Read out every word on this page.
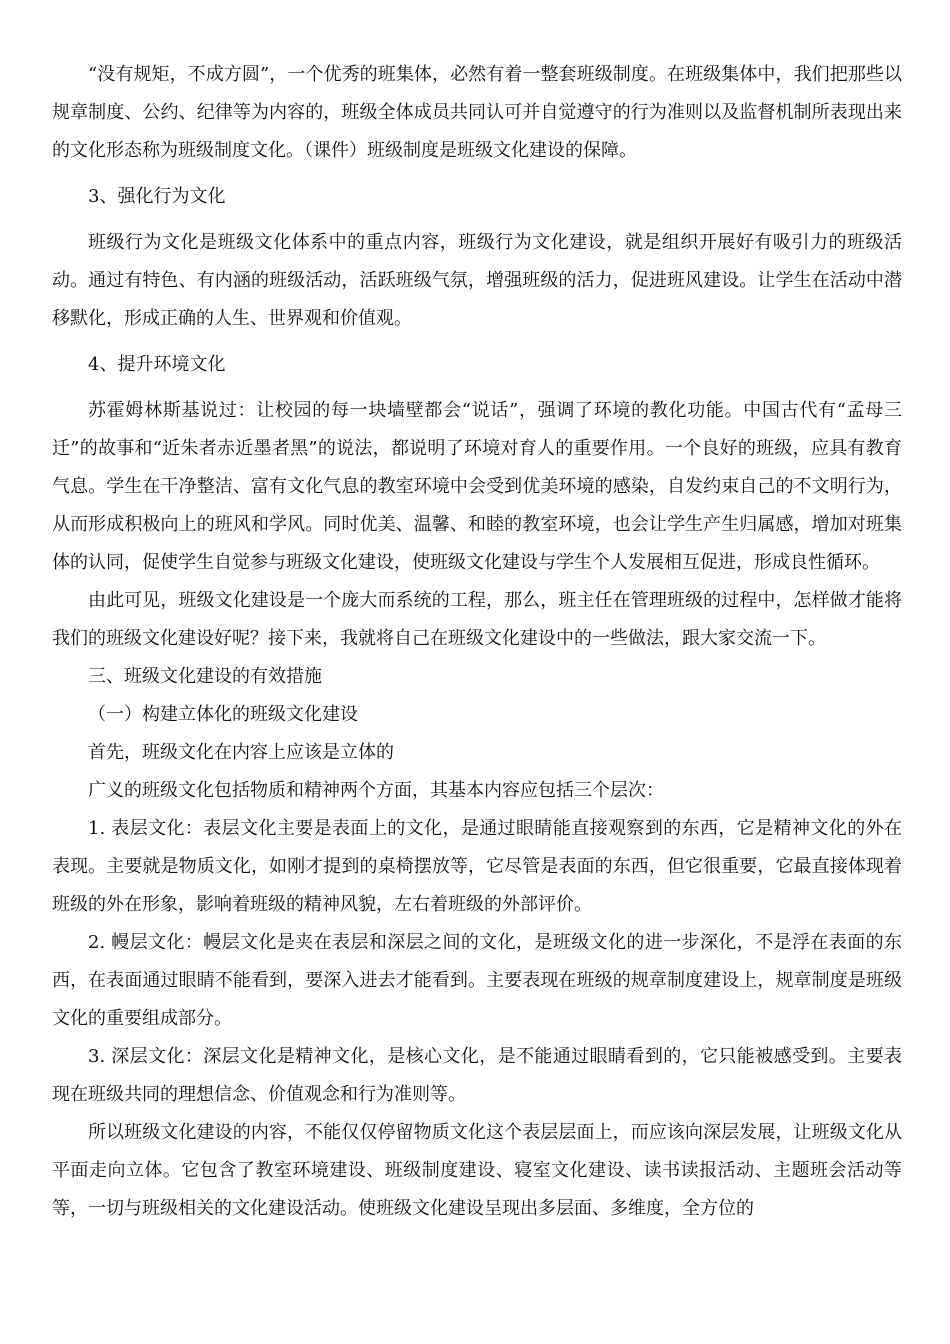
“没有规矩，不成方圆”，一个优秀的班集体，必然有着一整套班级制度。在班级集体中，我们把那些以规章制度、公约、纪律等为内容的，班级全体成员共同认可并自觉遵守的行为准则以及监督机制所表现出来的文化形态称为班级制度文化。（课件）班级制度是班级文化建设的保障。

3、强化行为文化

班级行为文化是班级文化体系中的重点内容，班级行为文化建设，就是组织开展好有吸引力的班级活动。通过有特色、有内涵的班级活动，活跃班级气氛，增强班级的活力，促进班风建设。让学生在活动中潜移默化，形成正确的人生、世界观和价值观。

4、提升环境文化

苏霍姆林斯基说过：让校园的每一块墙壁都会“说话”，强调了环境的教化功能。中国古代有“孟母三迁”的故事和“近朱者赤近墨者黑”的说法，都说明了环境对育人的重要作用。一个良好的班级，应具有教育气息。学生在干净整洁、富有文化气息的教室环境中会受到优美环境的感染，自发约束自己的不文明行为，从而形成积极向上的班风和学风。同时优美、温馨、和睦的教室环境，也会让学生产生归属感，增加对班集体的认同，促使学生自觉参与班级文化建设，使班级文化建设与学生个人发展相互促进，形成良性循环。

由此可见，班级文化建设是一个庞大而系统的工程，那么，班主任在管理班级的过程中，怎样做才能将我们的班级文化建设好呢？接下来，我就将自己在班级文化建设中的一些做法，跟大家交流一下。

三、班级文化建设的有效措施

（一）构建立体化的班级文化建设

首先，班级文化在内容上应该是立体的

广义的班级文化包括物质和精神两个方面，其基本内容应包括三个层次：

1. 表层文化：表层文化主要是表面上的文化，是通过眼睛能直接观察到的东西，它是精神文化的外在表现。主要就是物质文化，如刚才提到的桌椅摆放等，它尽管是表面的东西，但它很重要，它最直接体现着班级的外在形象，影响着班级的精神风貌，左右着班级的外部评价。

2. 幔层文化：幔层文化是夹在表层和深层之间的文化，是班级文化的进一步深化，不是浮在表面的东西，在表面通过眼睛不能看到，要深入进去才能看到。主要表现在班级的规章制度建设上，规章制度是班级文化的重要组成部分。

3. 深层文化：深层文化是精神文化，是核心文化，是不能通过眼睛看到的，它只能被感受到。主要表现在班级共同的理想信念、价值观念和行为准则等。

所以班级文化建设的内容，不能仅仅停留物质文化这个表层层面上，而应该向深层发展，让班级文化从平面走向立体。它包含了教室环境建设、班级制度建设、寝室文化建设、读书读报活动、主题班会活动等等，一切与班级相关的文化建设活动。使班级文化建设呈现出多层面、多维度，全方位的
